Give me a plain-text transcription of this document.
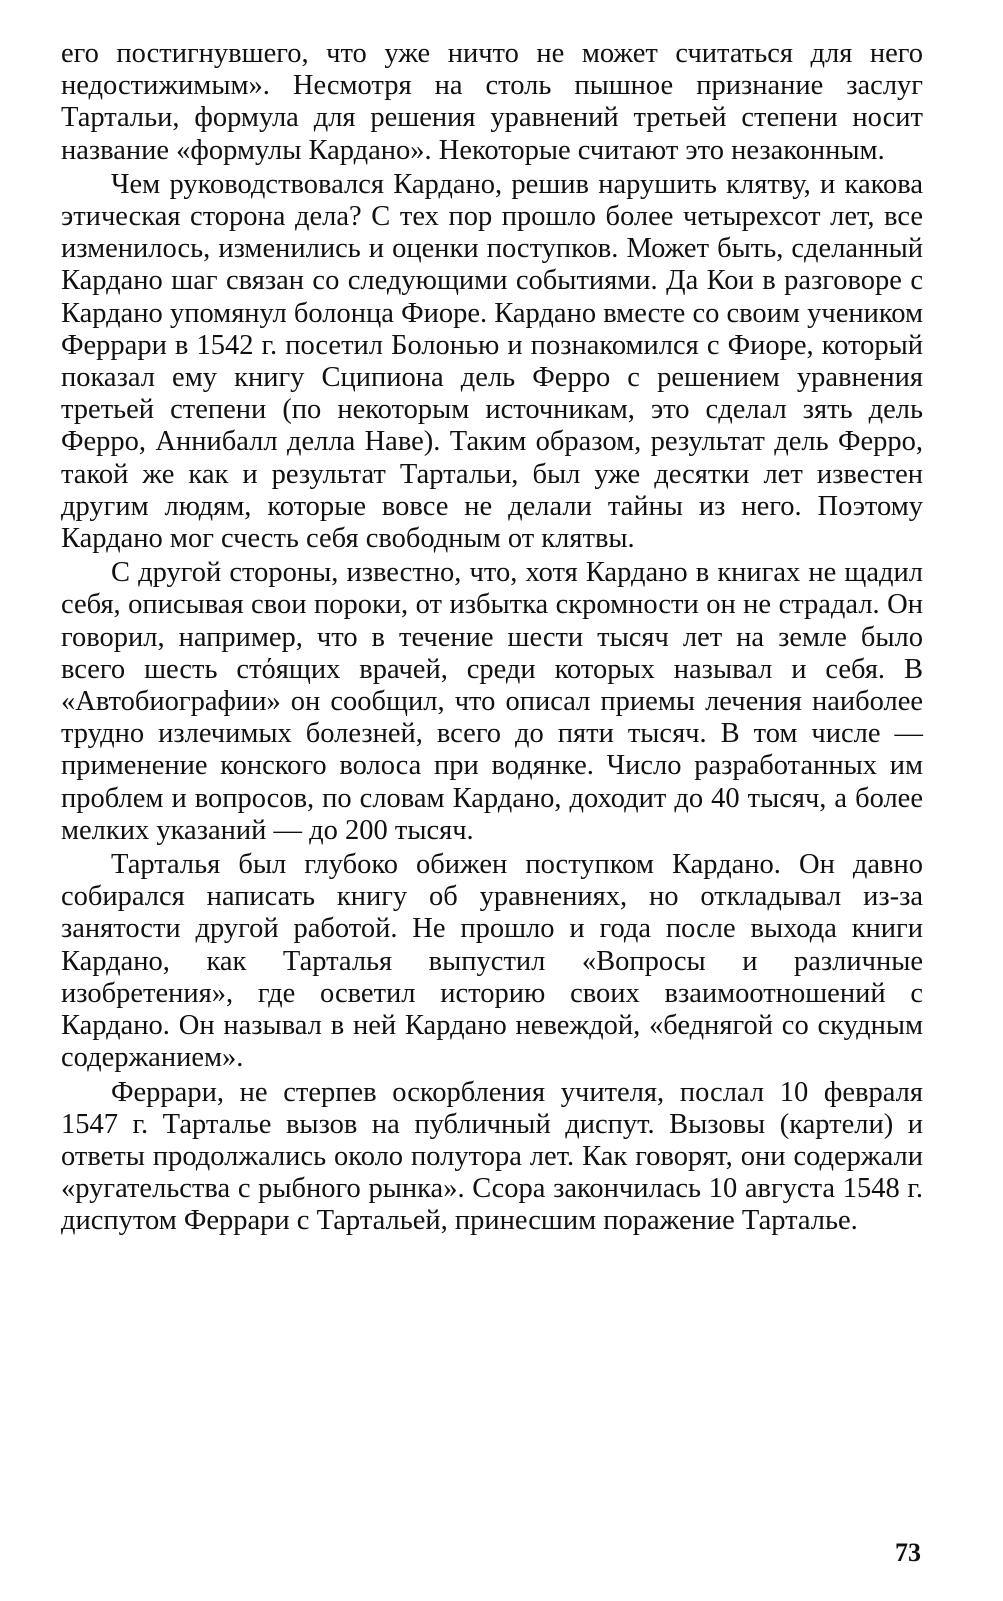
его постигнувшего, что уже ничто не может считаться для него недостижимым». Несмотря на столь пышное признание заслуг Тартальи, формула для решения уравнений третьей степени носит название «формулы Кардано». Некоторые считают это незаконным.

Чем руководствовался Кардано, решив нарушить клятву, и какова этическая сторона дела? С тех пор прошло более четырехсот лет, все изменилось, изменились и оценки поступков. Может быть, сделанный Кардано шаг связан со следующими событиями. Да Кои в разговоре с Кардано упомянул болонца Фиоре. Кардано вместе со своим учеником Феррари в 1542 г. посетил Болонью и познакомился с Фиоре, который показал ему книгу Сципиона дель Ферро с решением уравнения третьей степени (по некоторым источникам, это сделал зять дель Ферро, Аннибалл делла Наве). Таким образом, результат дель Ферро, такой же как и результат Тартальи, был уже десятки лет известен другим людям, которые вовсе не делали тайны из него. Поэтому Кардано мог счесть себя свободным от клятвы.

С другой стороны, известно, что, хотя Кардано в книгах не щадил себя, описывая свои пороки, от избытка скромности он не страдал. Он говорил, например, что в течение шести тысяч лет на земле было всего шесть стόящих врачей, среди которых называл и себя. В «Автобиографии» он сообщил, что описал приемы лечения наиболее трудно излечимых болезней, всего до пяти тысяч. В том числе — применение конского волоса при водянке. Число разработанных им проблем и вопросов, по словам Кардано, доходит до 40 тысяч, а более мелких указаний — до 200 тысяч.

Тарталья был глубоко обижен поступком Кардано. Он давно собирался написать книгу об уравнениях, но откладывал из-за занятости другой работой. Не прошло и года после выхода книги Кардано, как Тарталья выпустил «Вопросы и различные изобретения», где осветил историю своих взаимоотношений с Кардано. Он называл в ней Кардано невеждой, «беднягой со скудным содержанием».

Феррари, не стерпев оскорбления учителя, послал 10 февраля 1547 г. Тарталье вызов на публичный диспут. Вызовы (картели) и ответы продолжались около полутора лет. Как говорят, они содержали «ругательства с рыбного рынка». Ссора закончилась 10 августа 1548 г. диспутом Феррари с Тартальей, принесшим поражение Тарталье.

73
